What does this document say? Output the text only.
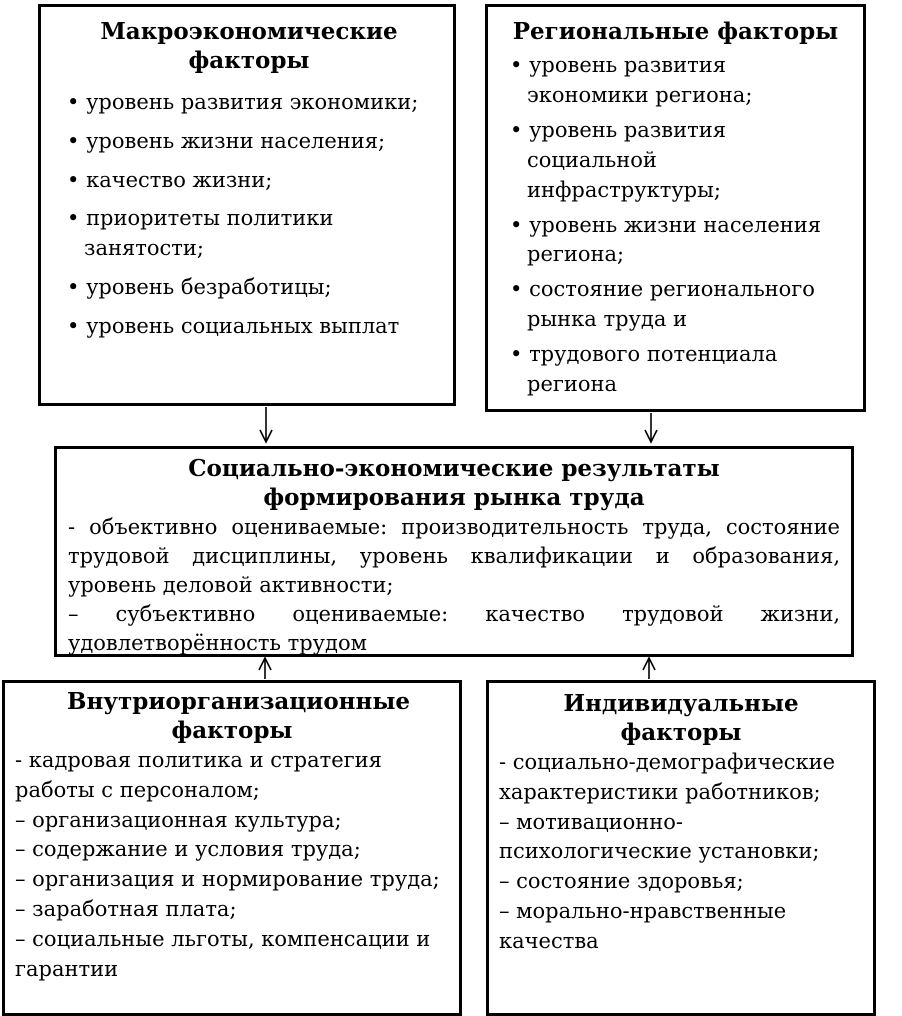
Макроэкономические факторы
• уровень развития экономики;
• уровень жизни населения;
• качество жизни;
• приоритеты политики занятости;
• уровень безработицы;
• уровень социальных выплат
Региональные факторы
• уровень развития экономики региона;
• уровень развития социальной инфраструктуры;
• уровень жизни населения региона;
• состояние регионального рынка труда и
• трудового потенциала региона
Социально-экономические результаты формирования рынка труда
- объективно оцениваемые: производительность труда, состояние трудовой дисциплины, уровень квалификации и образования, уровень деловой активности;
– субъективно оцениваемые: качество трудовой жизни, удовлетворённость трудом
Внутриорганизационные факторы
- кадровая политика и стратегия работы с персоналом;
– организационная культура;
– содержание и условия труда;
– организация и нормирование труда;
– заработная плата;
– социальные льготы, компенсации и гарантии
Индивидуальные факторы
- социально-демографические характеристики работников;
– мотивационно-психологические установки;
– состояние здоровья;
– морально-нравственные качества
